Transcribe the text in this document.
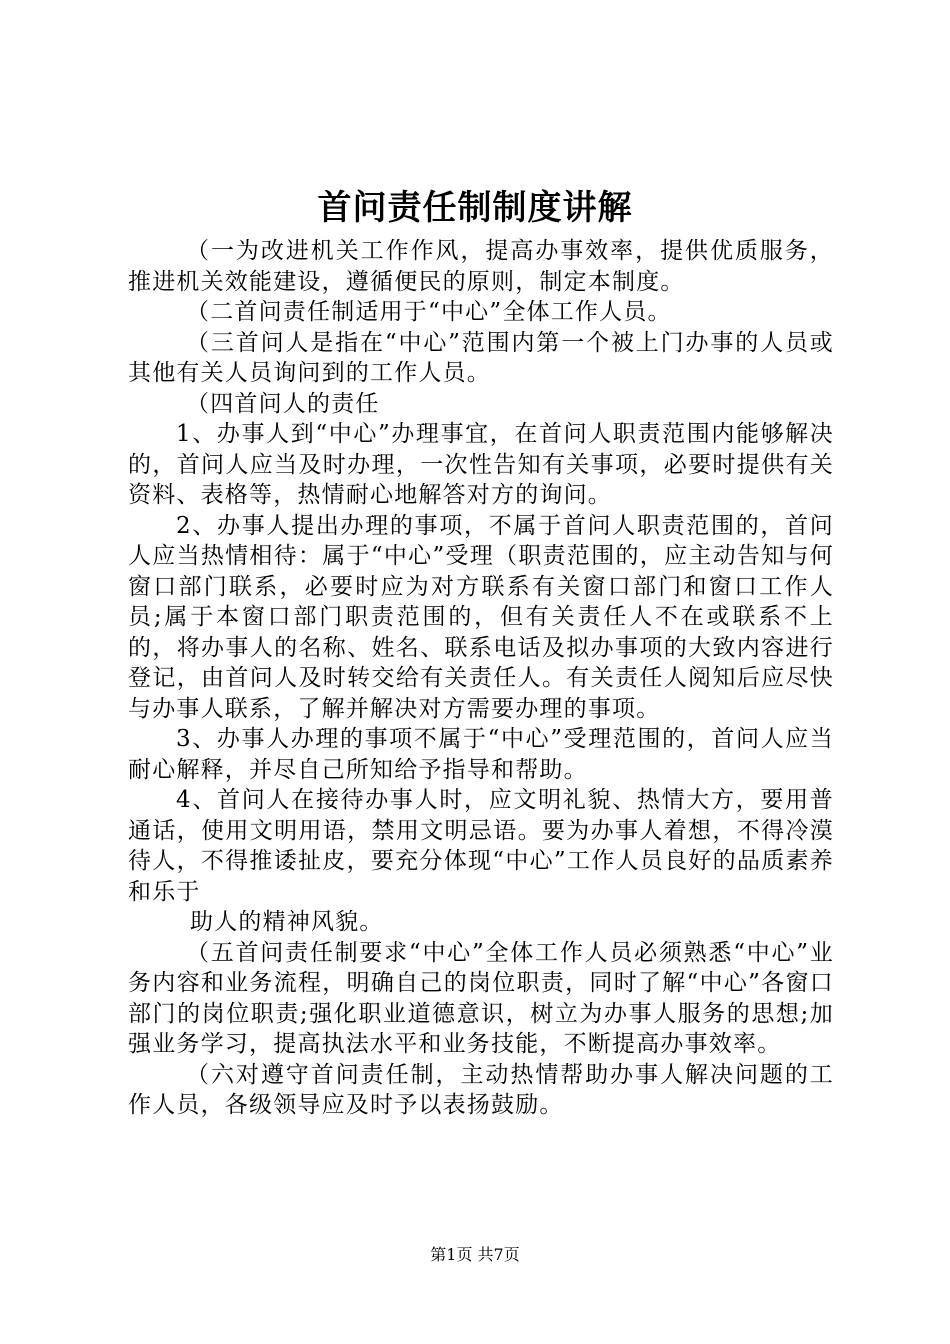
首问责任制制度讲解

（一为改进机关工作作风，提高办事效率，提供优质服务，推进机关效能建设，遵循便民的原则，制定本制度。

（二首问责任制适用于“中心”全体工作人员。

（三首问人是指在“中心”范围内第一个被上门办事的人员或其他有关人员询问到的工作人员。

（四首问人的责任

1、办事人到“中心”办理事宜，在首问人职责范围内能够解决的，首问人应当及时办理，一次性告知有关事项，必要时提供有关资料、表格等，热情耐心地解答对方的询问。

2、办事人提出办理的事项，不属于首问人职责范围的，首问人应当热情相待：属于“中心”受理（职责范围的，应主动告知与何窗口部门联系，必要时应为对方联系有关窗口部门和窗口工作人员;属于本窗口部门职责范围的，但有关责任人不在或联系不上的，将办事人的名称、姓名、联系电话及拟办事项的大致内容进行登记，由首问人及时转交给有关责任人。有关责任人阅知后应尽快与办事人联系，了解并解决对方需要办理的事项。

3、办事人办理的事项不属于“中心”受理范围的，首问人应当耐心解释，并尽自己所知给予指导和帮助。

4、首问人在接待办事人时，应文明礼貌、热情大方，要用普通话，使用文明用语，禁用文明忌语。要为办事人着想，不得冷漠待人，不得推诿扯皮，要充分体现“中心”工作人员良好的品质素养和乐于

助人的精神风貌。

（五首问责任制要求“中心”全体工作人员必须熟悉“中心”业务内容和业务流程，明确自己的岗位职责，同时了解“中心”各窗口部门的岗位职责;强化职业道德意识，树立为办事人服务的思想;加强业务学习，提高执法水平和业务技能，不断提高办事效率。

（六对遵守首问责任制，主动热情帮助办事人解决问题的工作人员，各级领导应及时予以表扬鼓励。

第1页 共7页
